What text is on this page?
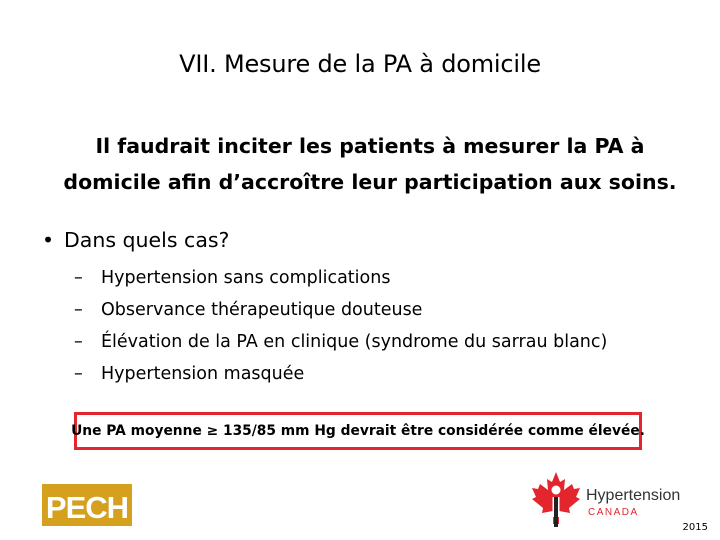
VII. Mesure de la PA à domicile
Il faudrait inciter les patients à mesurer la PA à
domicile afin d’accroître leur participation aux soins.
• Dans quels cas?
– Hypertension sans complications
– Observance thérapeutique douteuse
– Élévation de la PA en clinique (syndrome du sarrau blanc)
– Hypertension masquée
Une PA moyenne ≥ 135/85 mm Hg devrait être considérée comme élevée.
PECH	Hypertension
CANADA
2015
